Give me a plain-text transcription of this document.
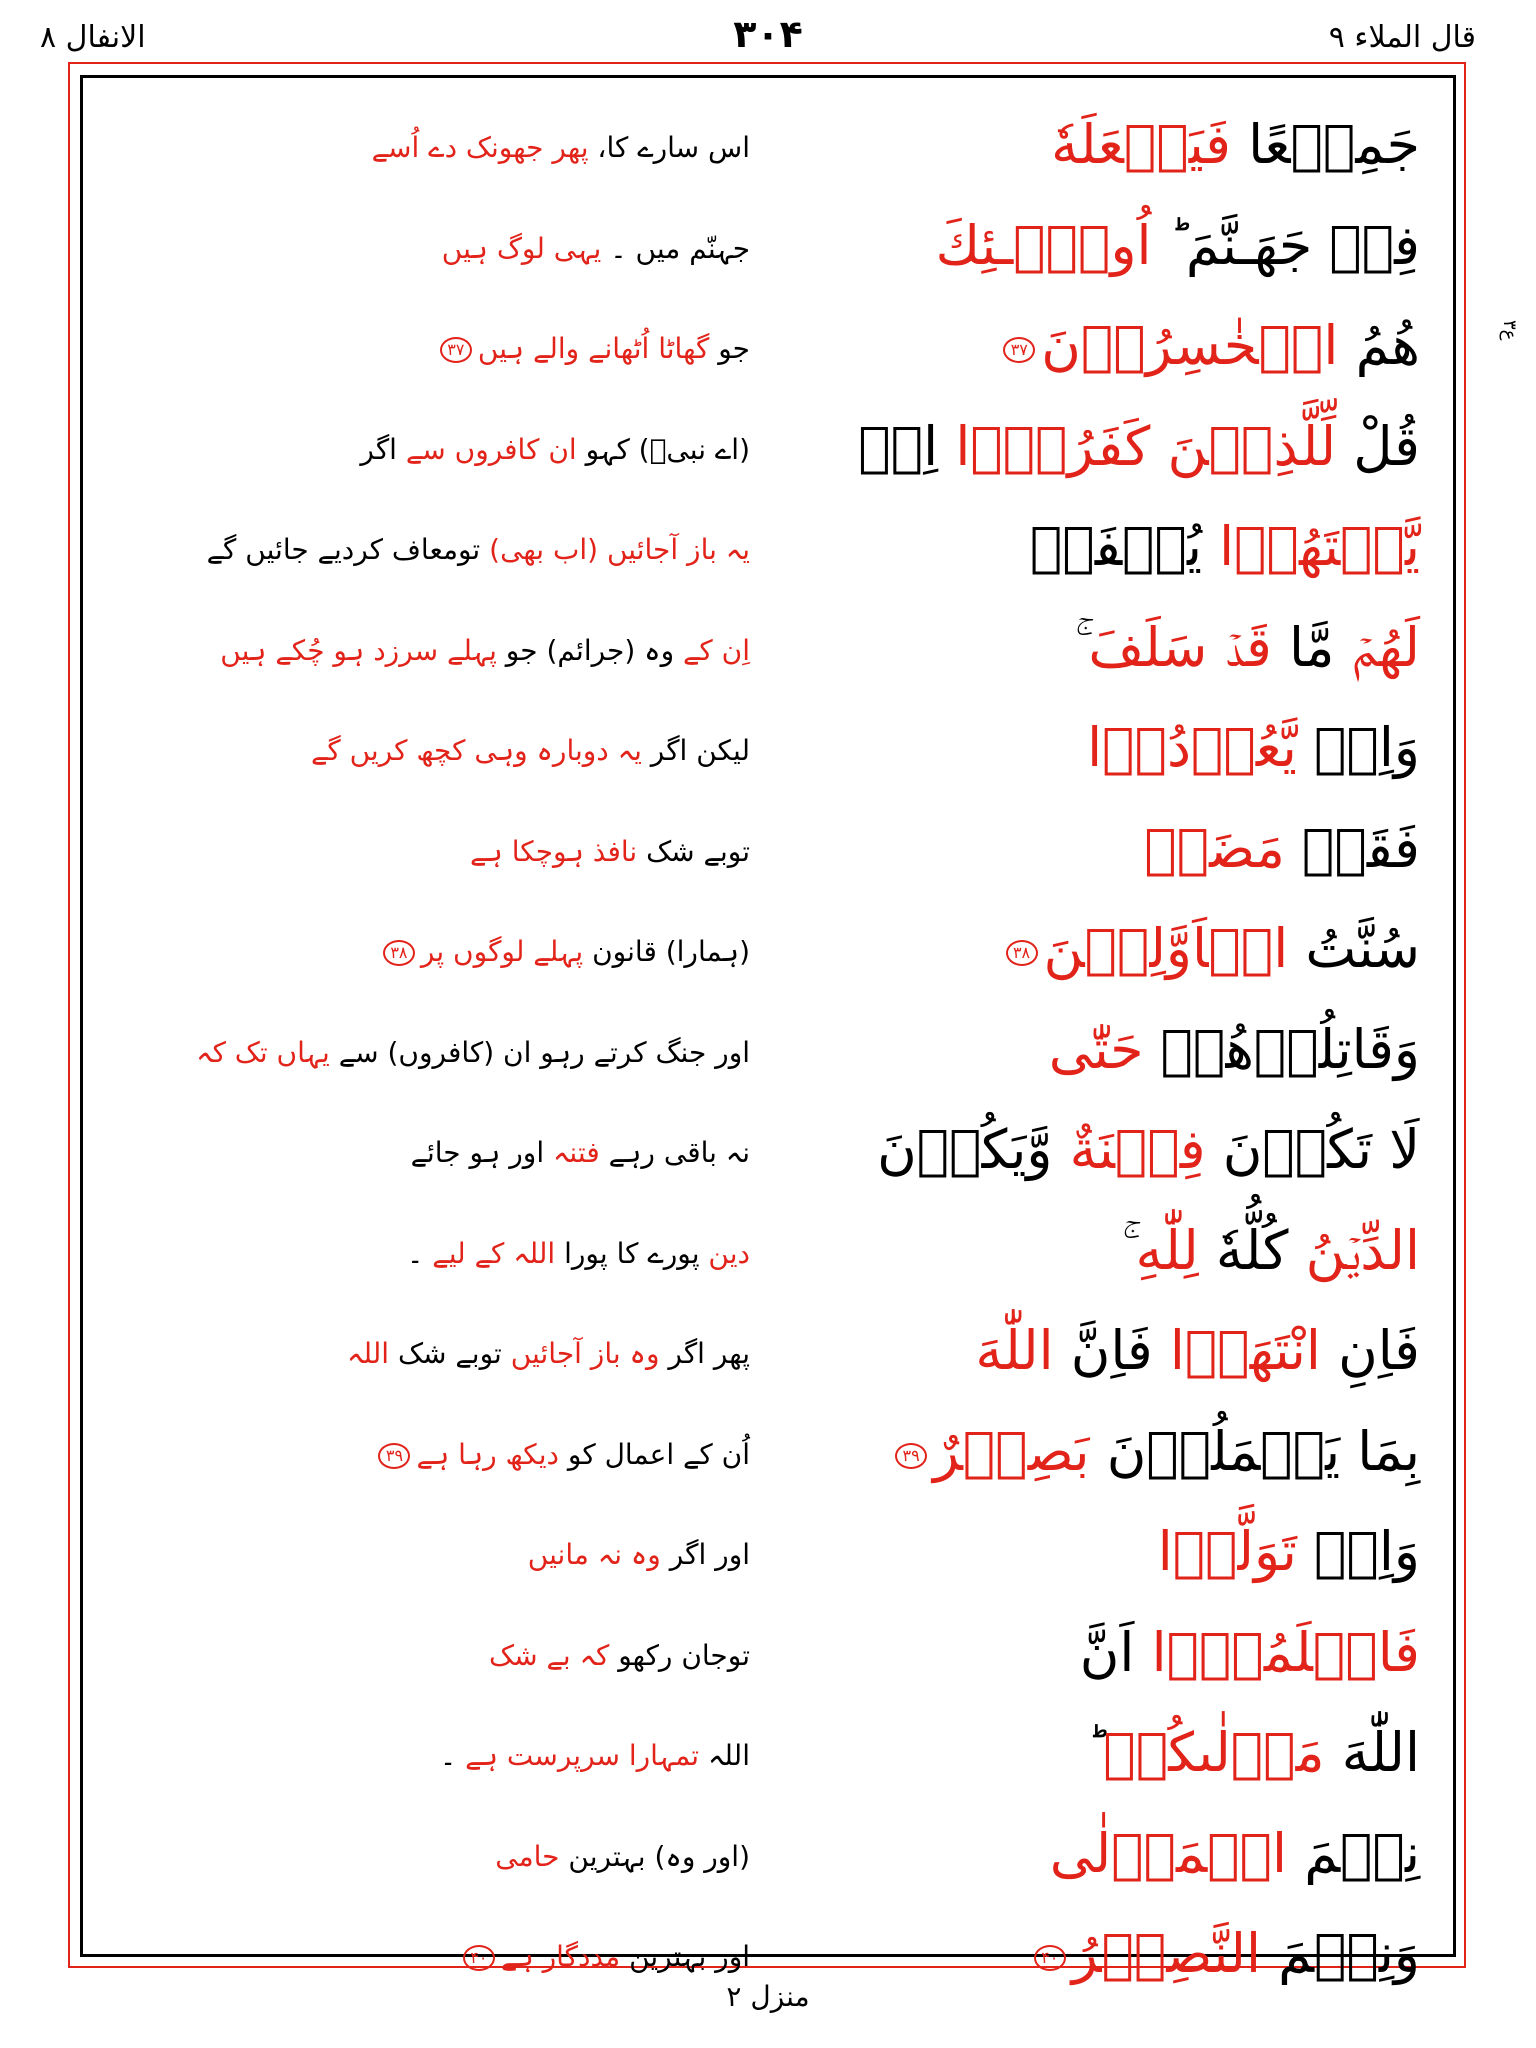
الانفال ۸	۳۰۴	قال الملاء ۹
۳ع
جَمِيۡعًا فَيَجۡعَلَهٗ
اس سارے کا، پھر جھونک دے اُسے
فِىۡ جَهَـنَّمَ ؕ اُولٰۤـئِكَ
جہنّم میں ۔ یہی لوگ ہیں
هُمُ الۡخٰسِرُوۡنَ۳۷
جو گھاٹا اُٹھانے والے ہیں۳۷
قُلْ لِّلَّذِيۡنَ كَفَرُوۡۤا اِنۡ
(اے نبیؐ) کہو ان کافروں سے اگر
يَّنۡتَهُوۡا يُغۡفَرۡ
یہ باز آجائیں (اب بھی) تومعاف کردیے جائیں گے
لَهُمۡ مَّا قَدۡ سَلَفَ ۚ
اِن کے وہ (جرائم) جو پہلے سرزد ہو چُکے ہیں
وَاِنۡ يَّعُوۡدُوۡا
لیکن اگر یہ دوبارہ وہی کچھ کریں گے
فَقَدۡ مَضَتۡ
توبے شک نافذ ہوچکا ہے
سُنَّتُ الۡاَوَّلِيۡنَ۳۸
(ہمارا) قانون پہلے لوگوں پر۳۸
وَقَاتِلُوۡهُمۡ حَتّٰى
اور جنگ کرتے رہو ان (کافروں) سے یہاں تک کہ
لَا تَكُوۡنَ فِتۡنَةٌ وَّيَكُوۡنَ
نہ باقی رہے فتنہ اور ہو جائے
الدِّيۡنُ كُلُّهٗ لِلّٰهِ ۚ
دین پورے کا پورا اللہ کے لیے ۔
فَاِنِ انْتَهَوۡا فَاِنَّ اللّٰهَ
پھر اگر وہ باز آجائیں توبے شک اللہ
بِمَا يَعۡمَلُوۡنَ بَصِيۡرٌ۳۹
اُن کے اعمال کو دیکھ رہا ہے۳۹
وَاِنۡ تَوَلَّوۡا
اور اگر وہ نہ مانیں
فَاعۡلَمُوۡۤا اَنَّ
توجان رکھو کہ بے شک
اللّٰهَ مَوۡلٰٮكُمۡ ؕ
اللہ تمہارا سرپرست ہے ۔
نِعۡمَ الۡمَوۡلٰى
(اور وہ) بہترین حامی
وَنِعۡمَ النَّصِيۡرُ۴۰
اور بہترین مددگار ہے۴۰
منزل ۲
